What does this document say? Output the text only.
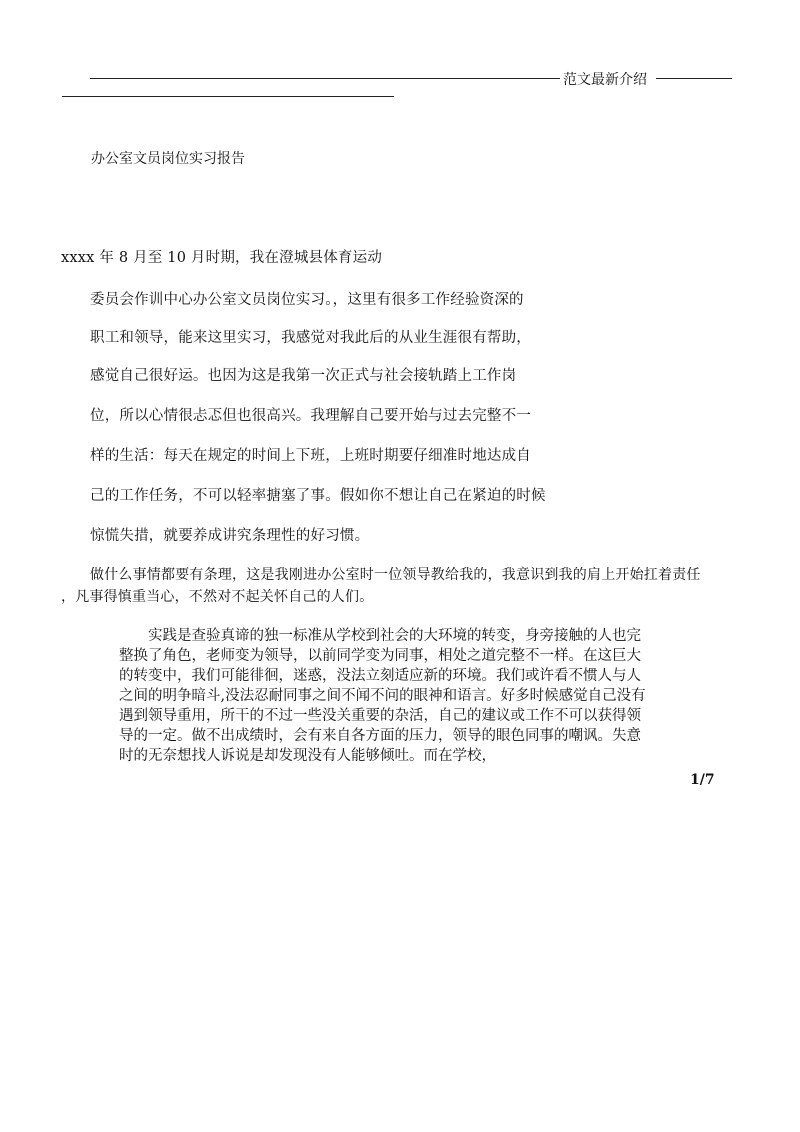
范文最新介绍
办公室文员岗位实习报告
xxxx 年 8 月至 10 月时期，我在澄城县体育运动
委员会作训中心办公室文员岗位实习。，这里有很多工作经验资深的
职工和领导，能来这里实习，我感觉对我此后的从业生涯很有帮助，
感觉自己很好运。也因为这是我第一次正式与社会接轨踏上工作岗
位，所以心情很忐忑但也很高兴。我理解自己要开始与过去完整不一
样的生活：每天在规定的时间上下班，上班时期要仔细准时地达成自
己的工作任务，不可以轻率搪塞了事。假如你不想让自己在紧迫的时候
惊慌失措，就要养成讲究条理性的好习惯。
做什么事情都要有条理，这是我刚进办公室时一位领导教给我的，我意识到我的肩上开始扛着责任
，凡事得慎重当心，不然对不起关怀自己的人们。
实践是查验真谛的独一标准从学校到社会的大环境的转变，身旁接触的人也完
整换了角色，老师变为领导，以前同学变为同事，相处之道完整不一样。在这巨大
的转变中，我们可能徘徊，迷惑，没法立刻适应新的环境。我们或许看不惯人与人
之间的明争暗斗,没法忍耐同事之间不闻不问的眼神和语言。好多时候感觉自己没有
遇到领导重用，所干的不过一些没关重要的杂活，自己的建议或工作不可以获得领
导的一定。做不出成绩时，会有来自各方面的压力，领导的眼色同事的嘲讽。失意
时的无奈想找人诉说是却发现没有人能够倾吐。而在学校，
1/7
